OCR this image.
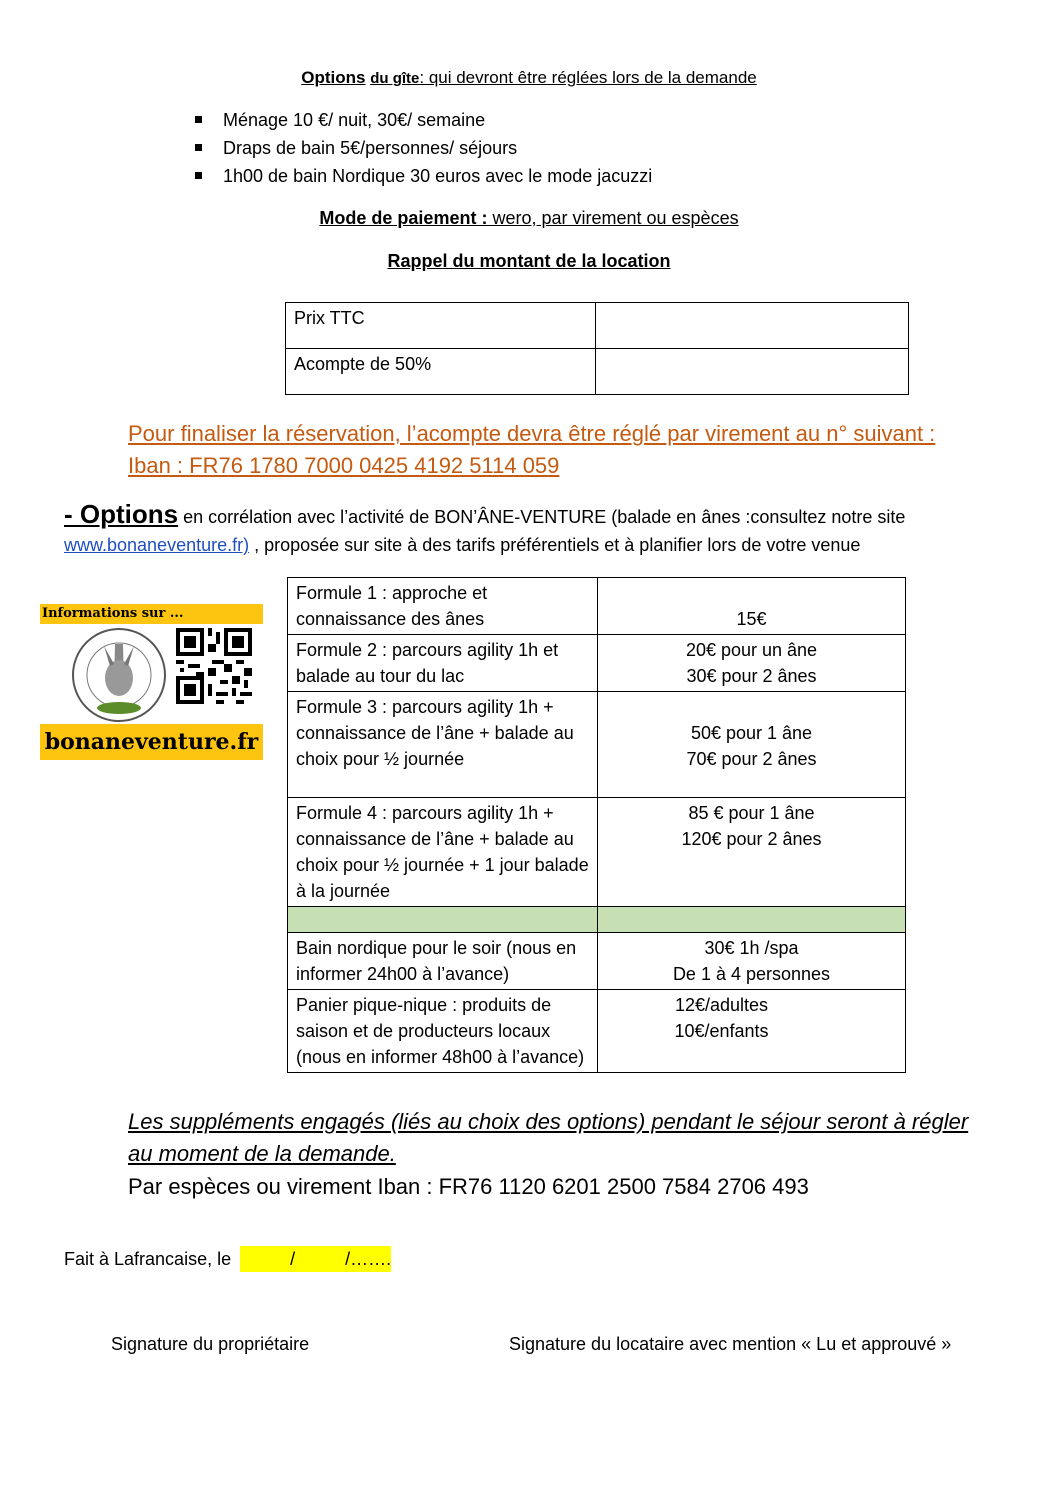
Options du gîte: qui devront être réglées lors de la demande
Ménage 10 €/ nuit, 30€/ semaine
Draps de bain 5€/personnes/ séjours
1h00 de bain Nordique 30 euros avec le mode jacuzzi
Mode de paiement : wero, par virement ou espèces
Rappel du montant de la location
Prix TTC	
Acompte de 50%	
Pour finaliser la réservation, l’acompte devra être réglé par virement au n° suivant :
Iban : FR76 1780 7000 0425 4192 5114 059
- Options en corrélation avec l’activité de BON’ÂNE-VENTURE (balade en ânes :consultez notre site
www.bonaneventure.fr) , proposée sur site à des tarifs préférentiels et à planifier lors de votre venue
Informations sur ...
bonaneventure.fr
Formule 1 : approche et connaissance des ânes	15€

Formule 2 : parcours agility 1h et balade au tour du lac	20€ pour un âne
30€ pour 2 ânes

Formule 3 : parcours agility 1h + connaissance de l’âne + balade au choix pour ½ journée	50€ pour 1 âne
70€ pour 2 ânes

Formule 4 : parcours agility 1h + connaissance de l’âne + balade au choix pour ½ journée + 1 jour balade à la journée	85 € pour 1 âne
120€ pour 2 ânes

Bain nordique pour le soir (nous en informer 24h00 à l’avance)	30€ 1h /spa
De 1 à 4 personnes

Panier pique-nique : produits de saison et de producteurs locaux (nous en informer 48h00 à l’avance)	12€/adultes
10€/enfants
Les suppléments engagés (liés au choix des options) pendant le séjour seront à régler
au moment de la demande.
Par espèces ou virement Iban : FR76 1120 6201 2500 7584 2706 493
Fait à Lafrancaise, le           /          /…….
Signature du propriétaire	Signature du locataire avec mention « Lu et approuvé »
